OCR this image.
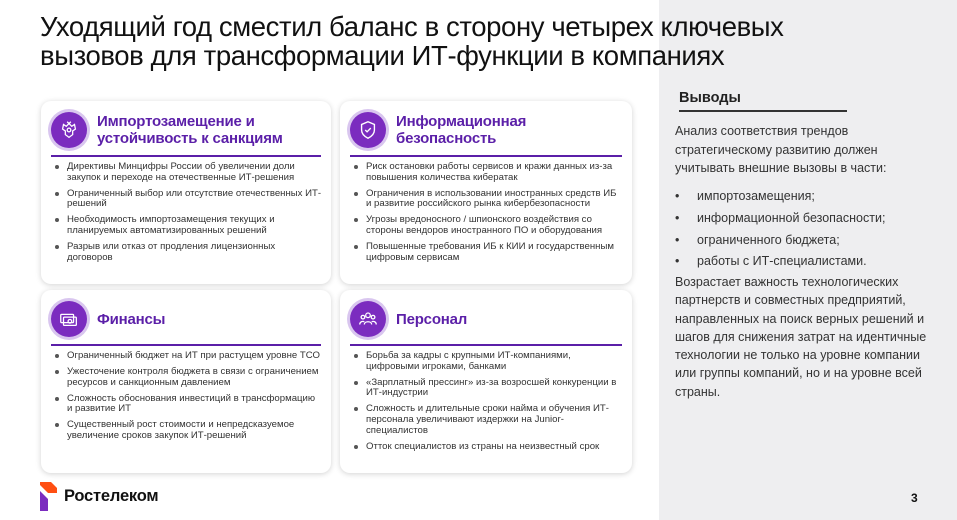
Уходящий год сместил баланс в сторону четырех ключевых
вызовов для трансформации ИТ-функции в компаниях
Импортозамещение и
устойчивость к санкциям
Директивы Минцифры России об увеличении доли закупок и переходе на отечественные ИТ-решения
Ограниченный выбор или отсутствие отечественных ИТ-решений
Необходимость импортозамещения текущих и планируемых автоматизированных решений
Разрыв или отказ от продления лицензионных договоров
Информационная безопасность
Риск остановки работы сервисов и кражи данных из-за повышения количества кибератак
Ограничения в использовании иностранных средств ИБ и развитие российского рынка кибербезопасности
Угрозы вредоносного / шпионского воздействия со стороны вендоров иностранного ПО и оборудования
Повышенные требования ИБ к КИИ и государственным цифровым сервисам
Финансы
Ограниченный бюджет на ИТ при растущем уровне ТСО
Ужесточение контроля бюджета в связи с ограничением ресурсов и санкционным давлением
Сложность обоснования инвестиций в трансформацию и развитие ИТ
Существенный рост стоимости и непредсказуемое увеличение сроков закупок ИТ-решений
Персонал
Борьба за кадры с крупными ИТ-компаниями, цифровыми игроками, банками
«Зарплатный прессинг» из-за возросшей конкуренции в ИТ-индустрии
Сложность и длительные сроки найма и обучения ИТ-персонала увеличивают издержки на Junior-специалистов
Отток специалистов из страны на неизвестный срок
Выводы

Анализ соответствия трендов стратегическому развитию должен учитывать внешние вызовы в части:

• импортозамещения;
• информационной безопасности;
• ограниченного бюджета;
• работы с ИТ-специалистами.

Возрастает важность технологических партнерств и совместных предприятий, направленных на поиск верных решений и шагов для снижения затрат на идентичные технологии не только на уровне компании или группы компаний, но и на уровне всей страны.

Ростелеком	3
